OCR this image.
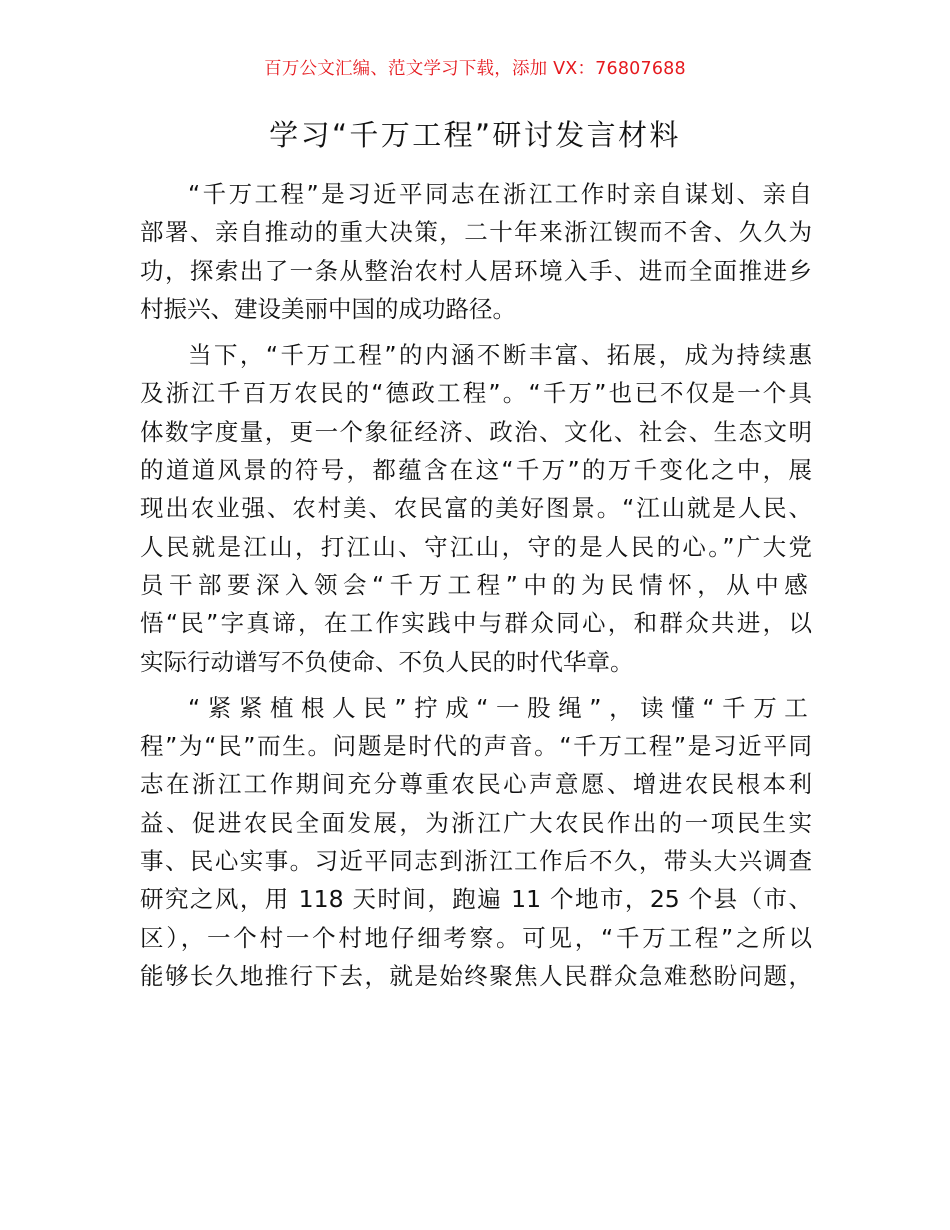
百万公文汇编、范文学习下载，添加 VX：76807688
学习“千万工程”研讨发言材料
“千万工程”是习近平同志在浙江工作时亲自谋划、亲自
部署、亲自推动的重大决策，二十年来浙江锲而不舍、久久为
功，探索出了一条从整治农村人居环境入手、进而全面推进乡
村振兴、建设美丽中国的成功路径。
当下，“千万工程”的内涵不断丰富、拓展，成为持续惠
及浙江千百万农民的“德政工程”。“千万”也已不仅是一个具
体数字度量，更一个象征经济、政治、文化、社会、生态文明
的道道风景的符号，都蕴含在这“千万”的万千变化之中，展
现出农业强、农村美、农民富的美好图景。“江山就是人民、
人民就是江山，打江山、守江山，守的是人民的心。”广大党
员干部要深入领会“千万工程”中的为民情怀，从中感
悟“民”字真谛，在工作实践中与群众同心，和群众共进，以
实际行动谱写不负使命、不负人民的时代华章。
“紧紧植根人民”拧成“一股绳”，读懂“千万工
程”为“民”而生。问题是时代的声音。“千万工程”是习近平同
志在浙江工作期间充分尊重农民心声意愿、增进农民根本利
益、促进农民全面发展，为浙江广大农民作出的一项民生实
事、民心实事。习近平同志到浙江工作后不久，带头大兴调查
研究之风，用 118 天时间，跑遍 11 个地市，25 个县（市、
区），一个村一个村地仔细考察。可见，“千万工程”之所以
能够长久地推行下去，就是始终聚焦人民群众急难愁盼问题，
